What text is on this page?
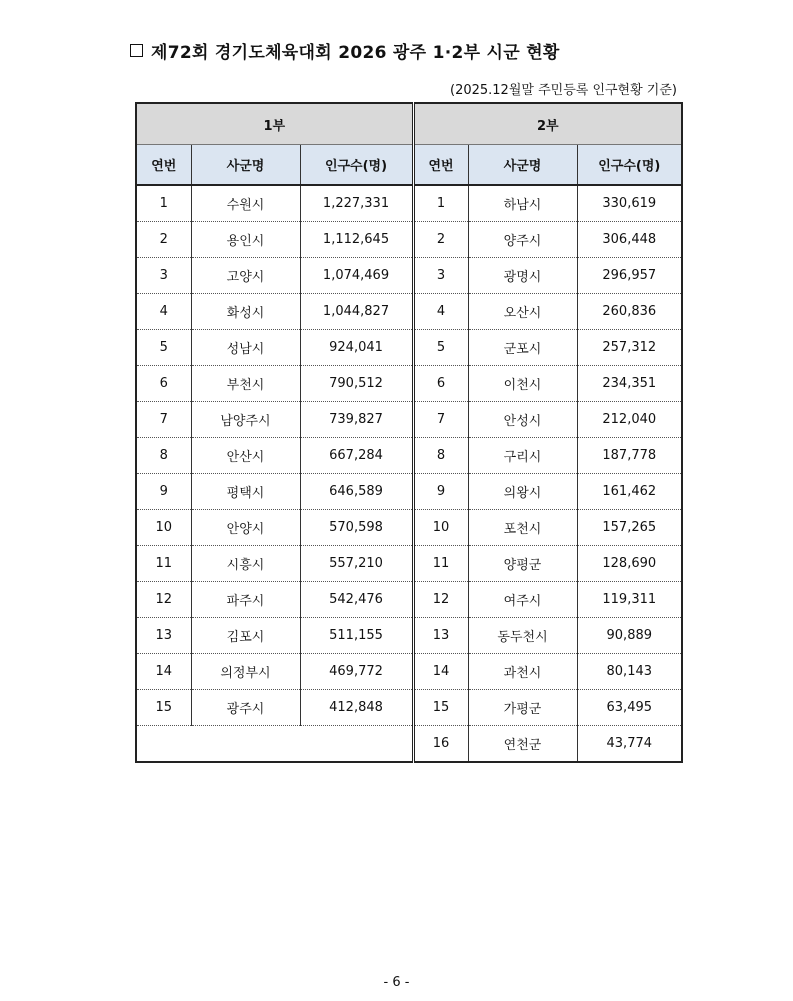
제72회 경기도체육대회 2026 광주 1·2부 시군 현황
(2025.12월말 주민등록 인구현황 기준)
1부			2부		
연번	사군명	인구수(명)	연번	사군명	인구수(명)
1	수원시	1,227,331	1	하남시	330,619
2	용인시	1,112,645	2	양주시	306,448
3	고양시	1,074,469	3	광명시	296,957
4	화성시	1,044,827	4	오산시	260,836
5	성남시	924,041	5	군포시	257,312
6	부천시	790,512	6	이천시	234,351
7	남양주시	739,827	7	안성시	212,040
8	안산시	667,284	8	구리시	187,778
9	평택시	646,589	9	의왕시	161,462
10	안양시	570,598	10	포천시	157,265
11	시흥시	557,210	11	양평군	128,690
12	파주시	542,476	12	여주시	119,311
13	김포시	511,155	13	동두천시	90,889
14	의정부시	469,772	14	과천시	80,143
15	광주시	412,848	15	가평군	63,495
			16	연천군	43,774
- 6 -
